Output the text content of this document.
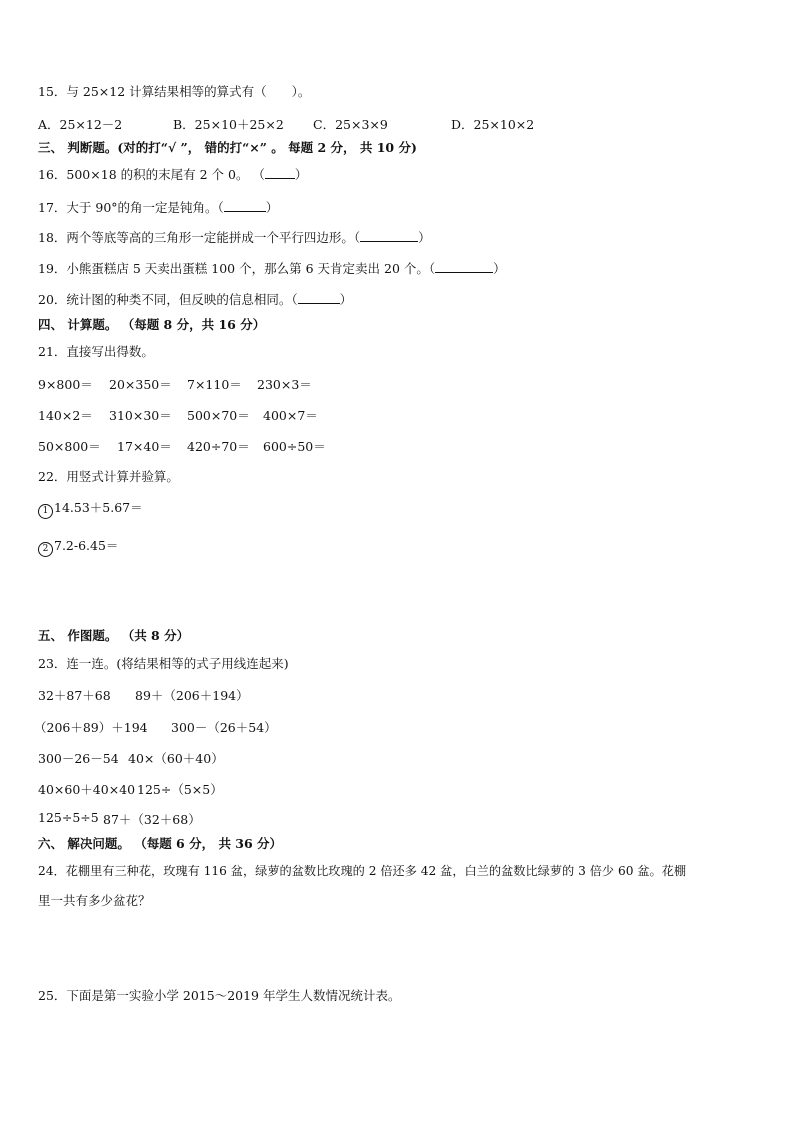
15．与 25×12 计算结果相等的算式有（　　）。
A．25×12－2	B．25×10＋25×2 C．25×3×9	D．25×10×2
三、 判断题。(对的打“√ ”， 错的打“×” 。 每题 2 分， 共 10 分)
16．500×18 的积的末尾有 2 个 0。 （ ）
17．大于 90°的角一定是钝角。（	）
18．两个等底等高的三角形一定能拼成一个平行四边形。（	）
19．小熊蛋糕店 5 天卖出蛋糕 100 个，那么第 6 天肯定卖出 20 个。（	）
20．统计图的种类不同，但反映的信息相同。（	）
四、 计算题。 （每题 8 分，共 16 分）
21．直接写出得数。
9×800＝ 20×350＝ 7×110＝ 230×3＝
140×2＝ 310×30＝ 500×70＝ 400×7＝
50×800＝ 17×40＝ 420÷70＝ 600÷50＝
22．用竖式计算并验算。
1 14.53＋5.67＝
2 7.2-6.45＝
五、 作图题。 （共 8 分）
23．连一连。(将结果相等的式子用线连起来)
32＋87＋68 89＋（206＋194）
（206＋89）＋194 300－（26＋54）
300－26－54 40×（60＋40）
40×60＋40×40 125÷（5×5）
125÷5÷5 87＋（32＋68）
六、 解决问题。 （每题 6 分， 共 36 分）
24．花棚里有三种花，玫瑰有 116 盆，绿萝的盆数比玫瑰的 2 倍还多 42 盆，白兰的盆数比绿萝的 3 倍少 60 盆。花棚
里一共有多少盆花？
25．下面是第一实验小学 2015～2019 年学生人数情况统计表。
